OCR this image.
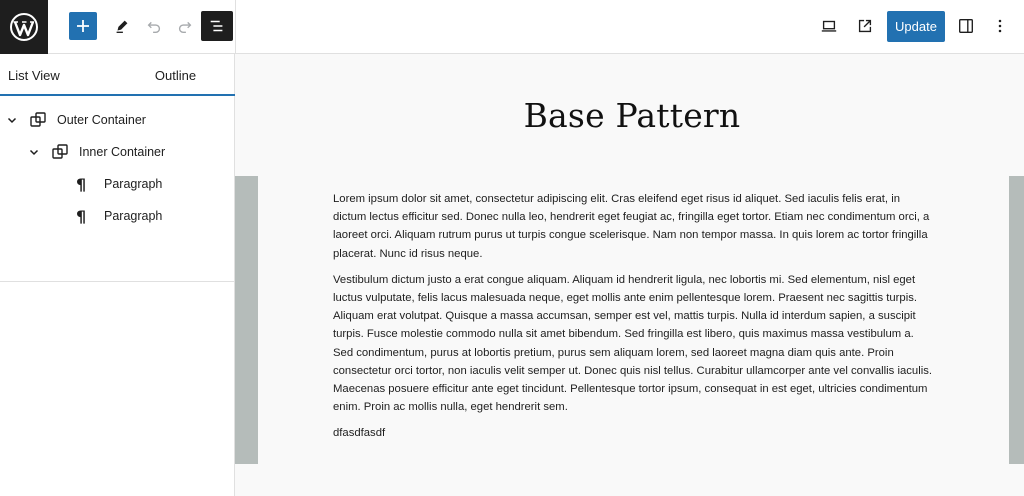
Update
List View	Outline
Outer Container
Inner Container
¶	Paragraph
¶	Paragraph
Base Pattern

Lorem ipsum dolor sit amet, consectetur adipiscing elit. Cras eleifend eget risus id aliquet. Sed iaculis felis erat, in dictum lectus efficitur sed. Donec nulla leo, hendrerit eget feugiat ac, fringilla eget tortor. Etiam nec condimentum orci, a laoreet orci. Aliquam rutrum purus ut turpis congue scelerisque. Nam non tempor massa. In quis lorem ac tortor fringilla placerat. Nunc id risus neque.

Vestibulum dictum justo a erat congue aliquam. Aliquam id hendrerit ligula, nec lobortis mi. Sed elementum, nisl eget luctus vulputate, felis lacus malesuada neque, eget mollis ante enim pellentesque lorem. Praesent nec sagittis turpis. Aliquam erat volutpat. Quisque a massa accumsan, semper est vel, mattis turpis. Nulla id interdum sapien, a suscipit turpis. Fusce molestie commodo nulla sit amet bibendum. Sed fringilla est libero, quis maximus massa vestibulum a. Sed condimentum, purus at lobortis pretium, purus sem aliquam lorem, sed laoreet magna diam quis ante. Proin consectetur orci tortor, non iaculis velit semper ut. Donec quis nisl tellus. Curabitur ullamcorper ante vel convallis iaculis. Maecenas posuere efficitur ante eget tincidunt. Pellentesque tortor ipsum, consequat in est eget, ultricies condimentum enim. Proin ac mollis nulla, eget hendrerit sem.

dfasdfasdf
